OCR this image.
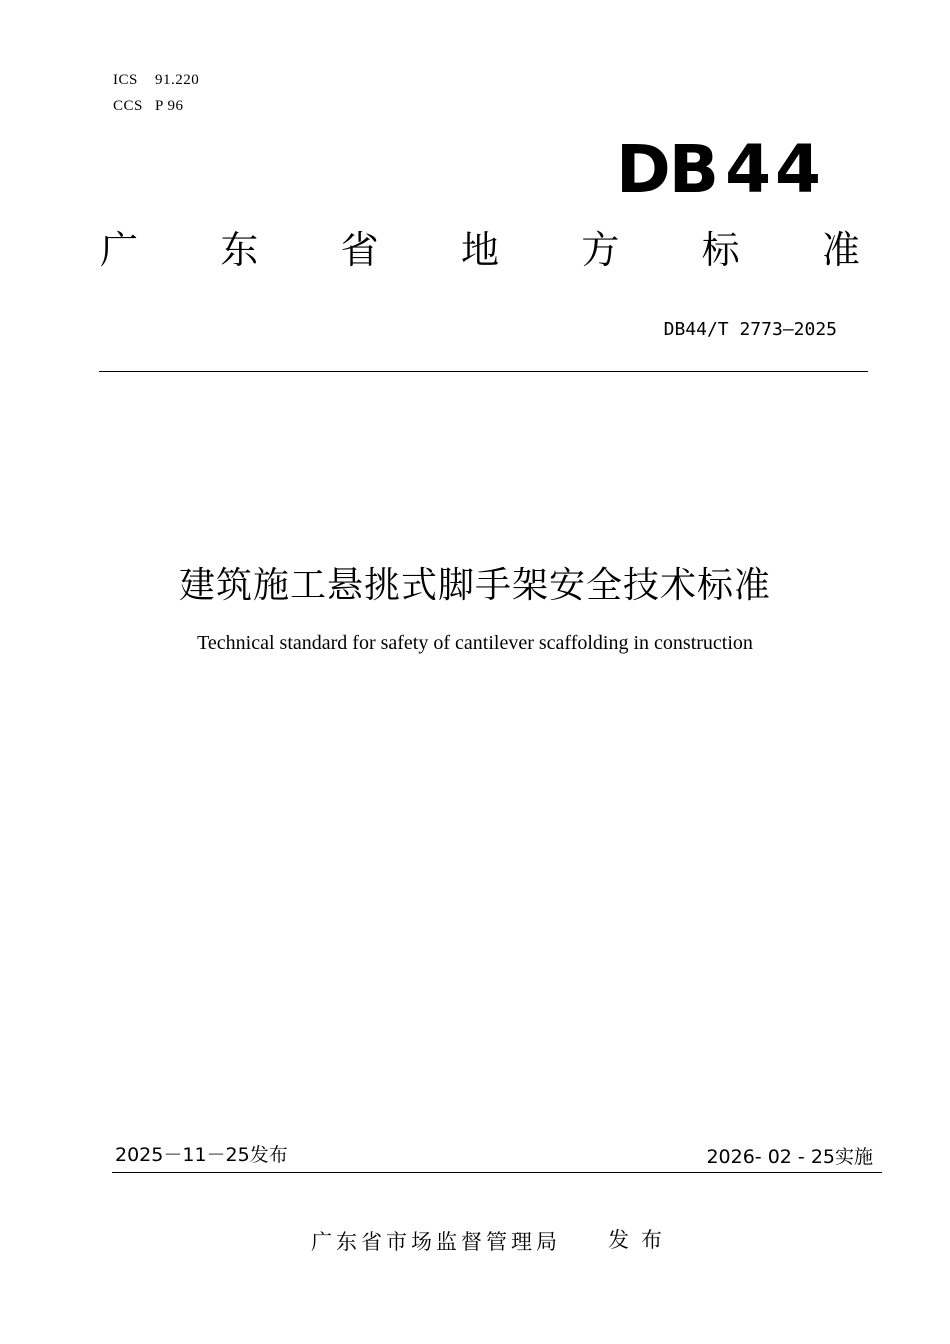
ICS 91.220
CCS P 96
DB 44
广 东 省 地 方 标 准
DB44/T 2773—2025
建筑施工悬挑式脚手架安全技术标准
Technical standard for safety of cantilever scaffolding in construction
2025－11－25发布	2026- 02 - 25实施
广东省市场监督管理局 发布
